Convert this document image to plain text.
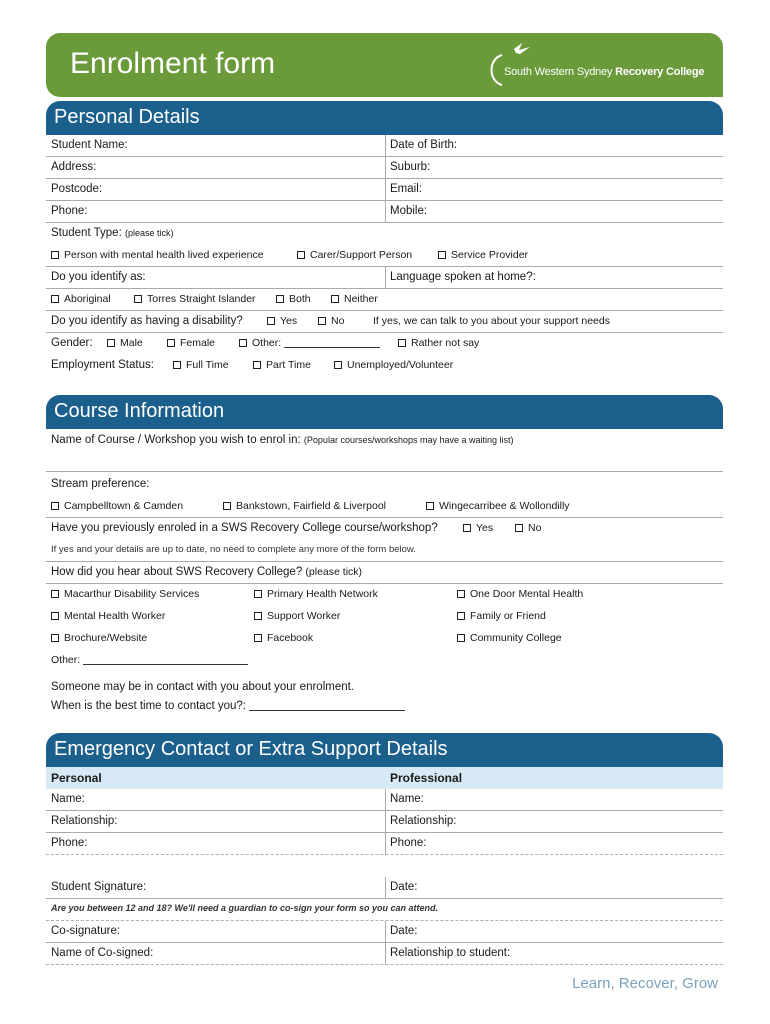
Enrolment form	South Western Sydney Recovery College
Personal Details
Student Name:	Date of Birth:
Address:	Suburb:
Postcode:	Email:
Phone:	Mobile:
Student Type: (please tick)
Person with mental health lived experience	Carer/Support Person	Service Provider
Do you identify as:	Language spoken at home?:
Aboriginal	Torres Straight Islander	Both	Neither
Do you identify as having a disability?	Yes	No	If yes, we can talk to you about your support needs
Gender:	Male	Female	Other:	Rather not say
Employment Status:	Full Time	Part Time	Unemployed/Volunteer
Course Information
Name of Course / Workshop you wish to enrol in: (Popular courses/workshops may have a waiting list)
Stream preference:
Campbelltown & Camden	Bankstown, Fairfield & Liverpool	Wingecarribee & Wollondilly
Have you previously enroled in a SWS Recovery College course/workshop?	Yes	No
If yes and your details are up to date, no need to complete any more of the form below.
How did you hear about SWS Recovery College? (please tick)
Macarthur Disability Services	Primary Health Network	One Door Mental Health
Mental Health Worker	Support Worker	Family or Friend
Brochure/Website	Facebook	Community College
Other:
Someone may be in contact with you about your enrolment.
When is the best time to contact you?:
Emergency Contact or Extra Support Details
Personal	Professional
Name:	Name:
Relationship:	Relationship:
Phone:	Phone:
Student Signature:	Date:
Are you between 12 and 18? We'll need a guardian to co-sign your form so you can attend.
Co-signature:	Date:
Name of Co-signed:	Relationship to student:
Learn, Recover, Grow
